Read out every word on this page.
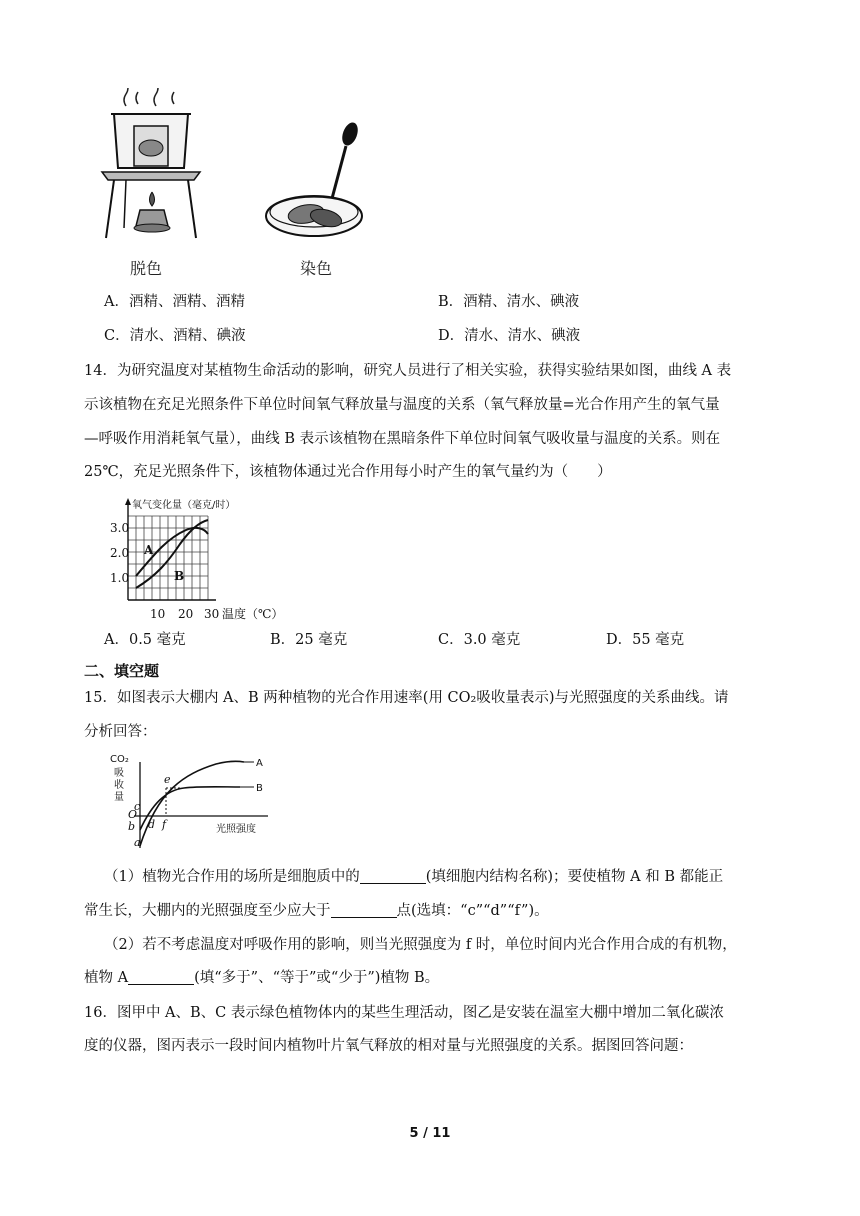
脱色	染色
A．酒精、酒精、酒精	B．酒精、清水、碘液
C．清水、酒精、碘液	D．清水、清水、碘液
14．为研究温度对某植物生命活动的影响，研究人员进行了相关实验，获得实验结果如图，曲线 A 表
示该植物在充足光照条件下单位时间氧气释放量与温度的关系（氧气释放量=光合作用产生的氧气量
—呼吸作用消耗氧气量），曲线 B 表示该植物在黑暗条件下单位时间氧气吸收量与温度的关系。则在
25℃，充足光照条件下，该植物体通过光合作用每小时产生的氧气量约为（　　）
氧气变化量（毫克/时）
3.0
2.0
1.0
10 20 30 温度（℃）
A
B
A．0.5 毫克	B．25 毫克	C．3.0 毫克	D．55 毫克
二、填空题
15．如图表示大棚内 A、B 两种植物的光合作用速率(用 CO₂吸收量表示)与光照强度的关系曲线。请
分析回答：
CO₂
吸
收
量
光照强度
A
B
O
a
b
c
d
e
f
（1）植物光合作用的场所是细胞质中的	(填细胞内结构名称)；要使植物 A 和 B 都能正
常生长，大棚内的光照强度至少应大于	点(选填：“c”“d”“f”)。
（2）若不考虑温度对呼吸作用的影响，则当光照强度为 f 时，单位时间内光合作用合成的有机物，
植物 A	(填“多于”、“等于”或“少于”)植物 B。
16．图甲中 A、B、C 表示绿色植物体内的某些生理活动，图乙是安装在温室大棚中增加二氧化碳浓
度的仪器，图丙表示一段时间内植物叶片氧气释放的相对量与光照强度的关系。据图回答问题：
5 / 11
